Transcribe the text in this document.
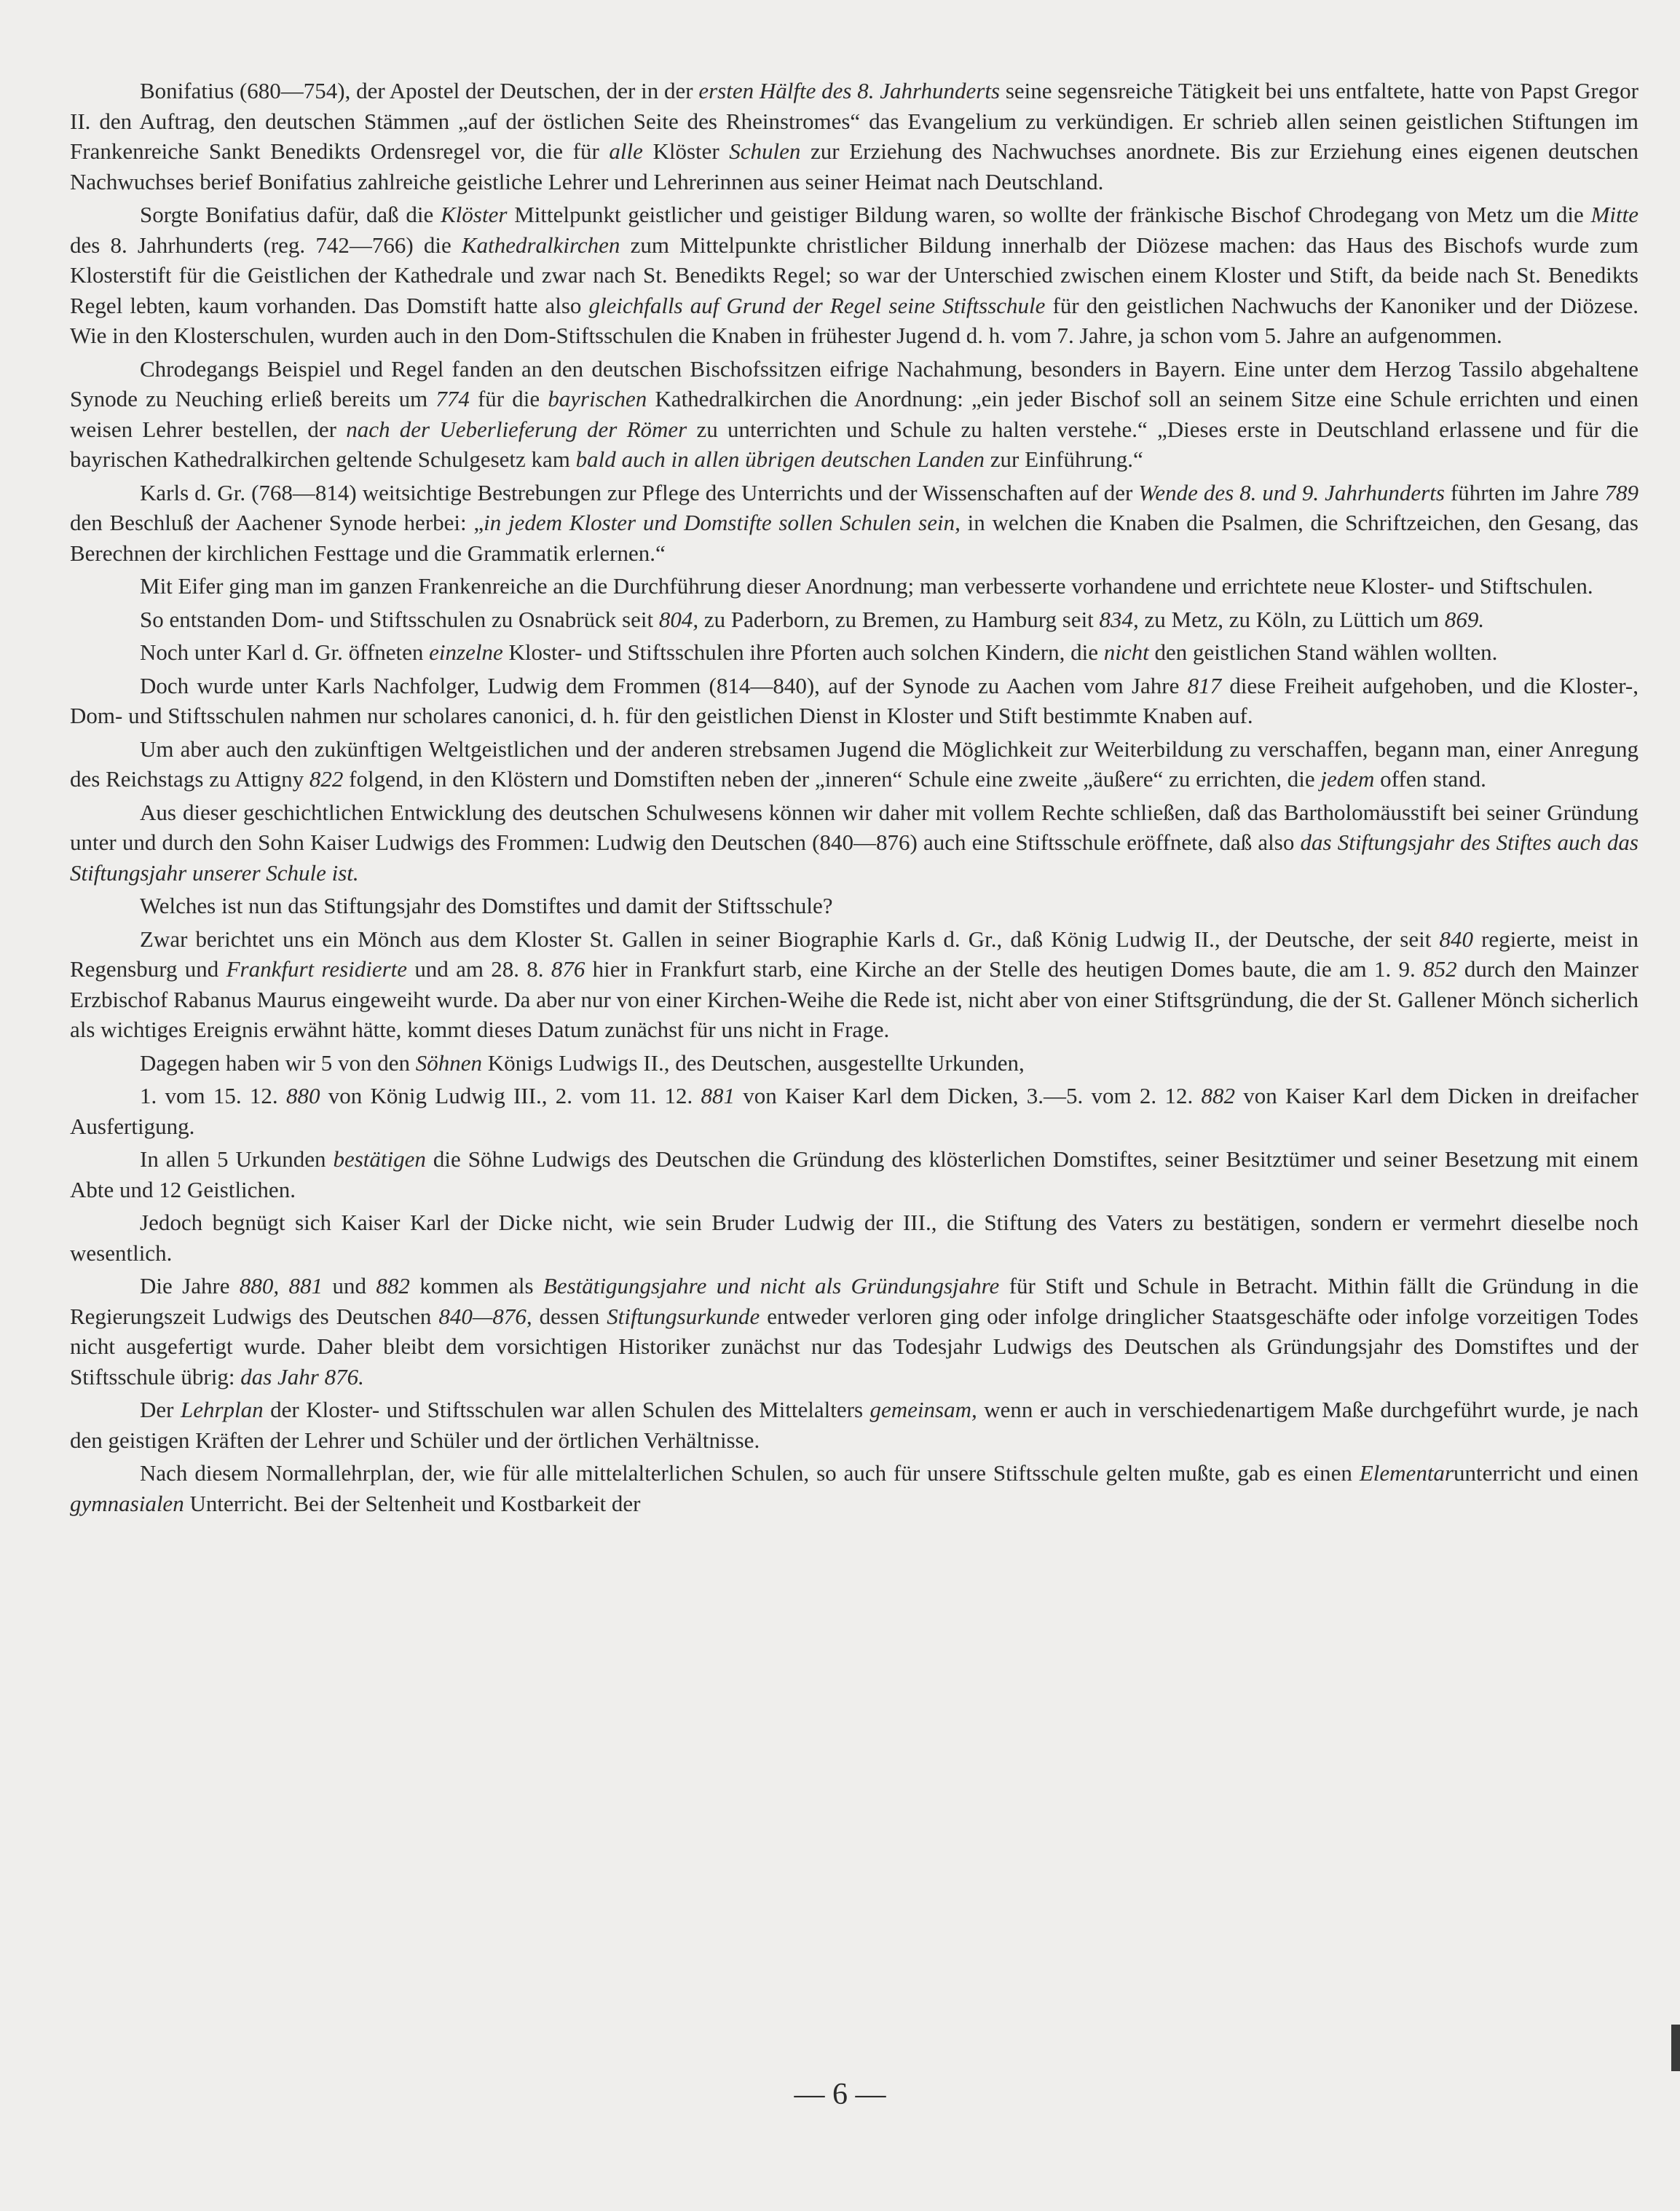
Bonifatius (680—754), der Apostel der Deutschen, der in der ersten Hälfte des 8. Jahrhunderts seine segensreiche Tätigkeit bei uns entfaltete, hatte von Papst Gregor II. den Auftrag, den deutschen Stämmen „auf der östlichen Seite des Rheinstromes“ das Evangelium zu verkündigen. Er schrieb allen seinen geistlichen Stiftungen im Frankenreiche Sankt Benedikts Ordensregel vor, die für alle Klöster Schulen zur Erziehung des Nachwuchses anordnete. Bis zur Erziehung eines eigenen deutschen Nachwuchses berief Bonifatius zahlreiche geistliche Lehrer und Lehrerinnen aus seiner Heimat nach Deutschland.

Sorgte Bonifatius dafür, daß die Klöster Mittelpunkt geistlicher und geistiger Bildung waren, so wollte der fränkische Bischof Chrodegang von Metz um die Mitte des 8. Jahrhunderts (reg. 742—766) die Kathedralkirchen zum Mittelpunkte christlicher Bildung innerhalb der Diözese machen: das Haus des Bischofs wurde zum Klosterstift für die Geistlichen der Kathedrale und zwar nach St. Benedikts Regel; so war der Unterschied zwischen einem Kloster und Stift, da beide nach St. Benedikts Regel lebten, kaum vorhanden. Das Domstift hatte also gleichfalls auf Grund der Regel seine Stiftsschule für den geistlichen Nachwuchs der Kanoniker und der Diözese. Wie in den Klosterschulen, wurden auch in den Dom-Stiftsschulen die Knaben in frühester Jugend d. h. vom 7. Jahre, ja schon vom 5. Jahre an aufgenommen.

Chrodegangs Beispiel und Regel fanden an den deutschen Bischofssitzen eifrige Nachahmung, besonders in Bayern. Eine unter dem Herzog Tassilo abgehaltene Synode zu Neuching erließ bereits um 774 für die bayrischen Kathedralkirchen die Anordnung: „ein jeder Bischof soll an seinem Sitze eine Schule errichten und einen weisen Lehrer bestellen, der nach der Ueberlieferung der Römer zu unterrichten und Schule zu halten verstehe.“ „Dieses erste in Deutschland erlassene und für die bayrischen Kathedralkirchen geltende Schulgesetz kam bald auch in allen übrigen deutschen Landen zur Einführung.“

Karls d. Gr. (768—814) weitsichtige Bestrebungen zur Pflege des Unterrichts und der Wissenschaften auf der Wende des 8. und 9. Jahrhunderts führten im Jahre 789 den Beschluß der Aachener Synode herbei: „in jedem Kloster und Domstifte sollen Schulen sein, in welchen die Knaben die Psalmen, die Schriftzeichen, den Gesang, das Berechnen der kirchlichen Festtage und die Grammatik erlernen.“

Mit Eifer ging man im ganzen Frankenreiche an die Durchführung dieser Anordnung; man verbesserte vorhandene und errichtete neue Kloster- und Stiftschulen.

So entstanden Dom- und Stiftsschulen zu Osnabrück seit 804, zu Paderborn, zu Bremen, zu Hamburg seit 834, zu Metz, zu Köln, zu Lüttich um 869.

Noch unter Karl d. Gr. öffneten einzelne Kloster- und Stiftsschulen ihre Pforten auch solchen Kindern, die nicht den geistlichen Stand wählen wollten.

Doch wurde unter Karls Nachfolger, Ludwig dem Frommen (814—840), auf der Synode zu Aachen vom Jahre 817 diese Freiheit aufgehoben, und die Kloster-, Dom- und Stiftsschulen nahmen nur scholares canonici, d. h. für den geistlichen Dienst in Kloster und Stift bestimmte Knaben auf.

Um aber auch den zukünftigen Weltgeistlichen und der anderen strebsamen Jugend die Möglichkeit zur Weiterbildung zu verschaffen, begann man, einer Anregung des Reichstags zu Attigny 822 folgend, in den Klöstern und Domstiften neben der „inneren“ Schule eine zweite „äußere“ zu errichten, die jedem offen stand.

Aus dieser geschichtlichen Entwicklung des deutschen Schulwesens können wir daher mit vollem Rechte schließen, daß das Bartholomäusstift bei seiner Gründung unter und durch den Sohn Kaiser Ludwigs des Frommen: Ludwig den Deutschen (840—876) auch eine Stiftsschule eröffnete, daß also das Stiftungsjahr des Stiftes auch das Stiftungsjahr unserer Schule ist.

Welches ist nun das Stiftungsjahr des Domstiftes und damit der Stiftsschule?

Zwar berichtet uns ein Mönch aus dem Kloster St. Gallen in seiner Biographie Karls d. Gr., daß König Ludwig II., der Deutsche, der seit 840 regierte, meist in Regensburg und Frankfurt residierte und am 28. 8. 876 hier in Frankfurt starb, eine Kirche an der Stelle des heutigen Domes baute, die am 1. 9. 852 durch den Mainzer Erzbischof Rabanus Maurus eingeweiht wurde. Da aber nur von einer Kirchen-Weihe die Rede ist, nicht aber von einer Stiftsgründung, die der St. Gallener Mönch sicherlich als wichtiges Ereignis erwähnt hätte, kommt dieses Datum zunächst für uns nicht in Frage.

Dagegen haben wir 5 von den Söhnen Königs Ludwigs II., des Deutschen, ausgestellte Urkunden,

1. vom 15. 12. 880 von König Ludwig III., 2. vom 11. 12. 881 von Kaiser Karl dem Dicken, 3.—5. vom 2. 12. 882 von Kaiser Karl dem Dicken in dreifacher Ausfertigung.

In allen 5 Urkunden bestätigen die Söhne Ludwigs des Deutschen die Gründung des klösterlichen Domstiftes, seiner Besitztümer und seiner Besetzung mit einem Abte und 12 Geistlichen.

Jedoch begnügt sich Kaiser Karl der Dicke nicht, wie sein Bruder Ludwig der III., die Stiftung des Vaters zu bestätigen, sondern er vermehrt dieselbe noch wesentlich.

Die Jahre 880, 881 und 882 kommen als Bestätigungsjahre und nicht als Gründungsjahre für Stift und Schule in Betracht. Mithin fällt die Gründung in die Regierungszeit Ludwigs des Deutschen 840—876, dessen Stiftungsurkunde entweder verloren ging oder infolge dringlicher Staatsgeschäfte oder infolge vorzeitigen Todes nicht ausgefertigt wurde. Daher bleibt dem vorsichtigen Historiker zunächst nur das Todesjahr Ludwigs des Deutschen als Gründungsjahr des Domstiftes und der Stiftsschule übrig: das Jahr 876.

Der Lehrplan der Kloster- und Stiftsschulen war allen Schulen des Mittelalters gemeinsam, wenn er auch in verschiedenartigem Maße durchgeführt wurde, je nach den geistigen Kräften der Lehrer und Schüler und der örtlichen Verhältnisse.

Nach diesem Normallehrplan, der, wie für alle mittelalterlichen Schulen, so auch für unsere Stiftsschule gelten mußte, gab es einen Elementarunterricht und einen gymnasialen Unterricht. Bei der Seltenheit und Kostbarkeit der

— 6 —
